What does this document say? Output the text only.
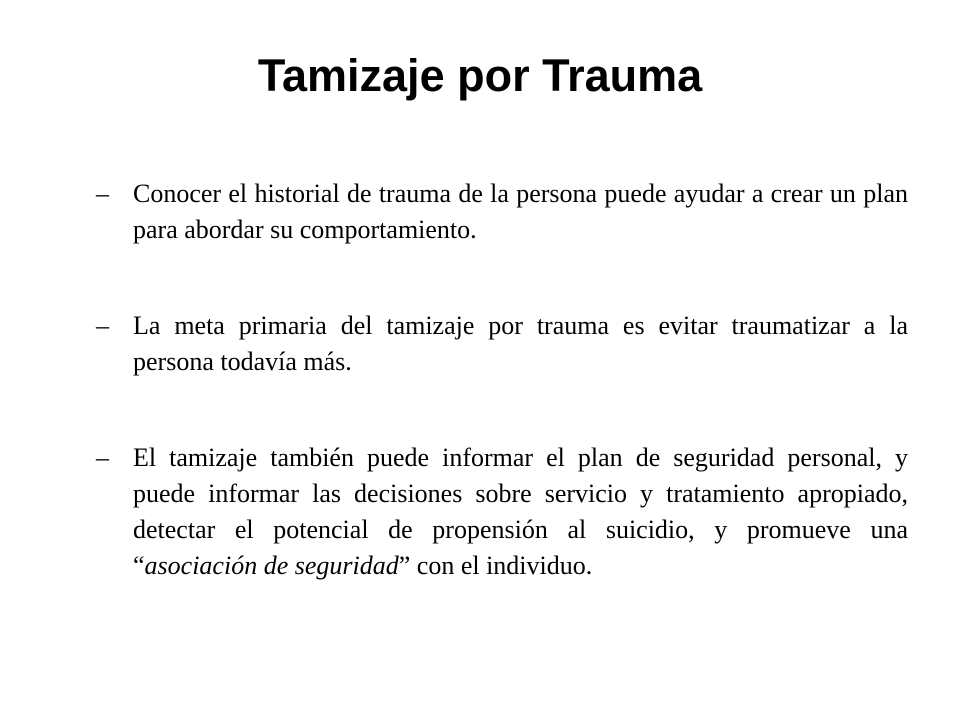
Tamizaje por Trauma
– Conocer el historial de trauma de la persona puede ayudar a crear un plan para abordar su comportamiento.
– La meta primaria del tamizaje por trauma es evitar traumatizar a la persona todavía más.
– El tamizaje también puede informar el plan de seguridad personal, y puede informar las decisiones sobre servicio y tratamiento apropiado, detectar el potencial de propensión al suicidio, y promueve una “asociación de seguridad” con el individuo.
